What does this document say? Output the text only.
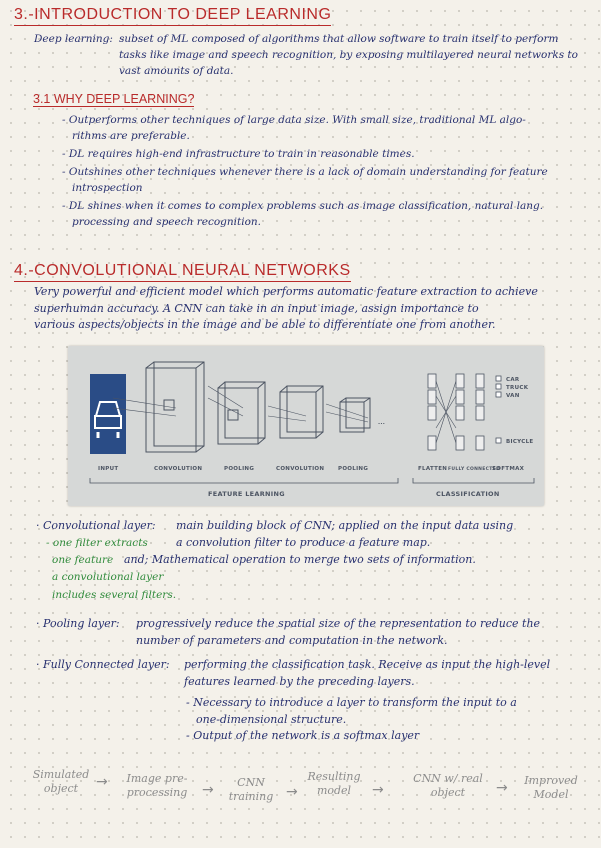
3.-INTRODUCTION TO DEEP LEARNING
Deep learning: subset of ML composed of algorithms that allow software to train itself to perform
tasks like image and speech recognition, by exposing multilayered neural networks to
vast amounts of data.
3.1 WHY DEEP LEARNING?
- Outperforms other techniques of large data size. With small size, traditional ML algo-
rithms are preferable.
- DL requires high-end infrastructure to train in reasonable times.
- Outshines other techniques whenever there is a lack of domain understanding for feature
introspection
- DL shines when it comes to complex problems such as image classification, natural lang.
processing and speech recognition.
4.-CONVOLUTIONAL NEURAL NETWORKS
Very powerful and efficient model which performs automatic feature extraction to achieve
superhuman accuracy. A CNN can take in an input image, assign importance to
various aspects/objects in the image and be able to differentiate one from another.
...
CAR
TRUCK
VAN
BICYCLE
INPUT	CONVOLUTION	POOLING	CONVOLUTION POOLING	FLATTEN FULLY CONNECTED
SOFTMAX
FEATURE LEARNING	CLASSIFICATION
· Convolutional layer: main building block of CNN; applied on the input data using
- one filter extracts	a convolution filter to produce a feature map.
one feature and; Mathematical operation to merge two sets of information.
a convolutional layer
includes several filters.
· Pooling layer: progressively reduce the spatial size of the representation to reduce the
number of parameters and computation in the network.
· Fully Connected layer: performing the classification task. Receive as input the high-level
features learned by the preceding layers.
- Necessary to introduce a layer to transform the input to a
one-dimensional structure.
- Output of the network is a softmax layer
Simulated object	→	Image pre-processing	→	CNN training →
Resulting model	→
CNN w/ real object	→	Improved Model
